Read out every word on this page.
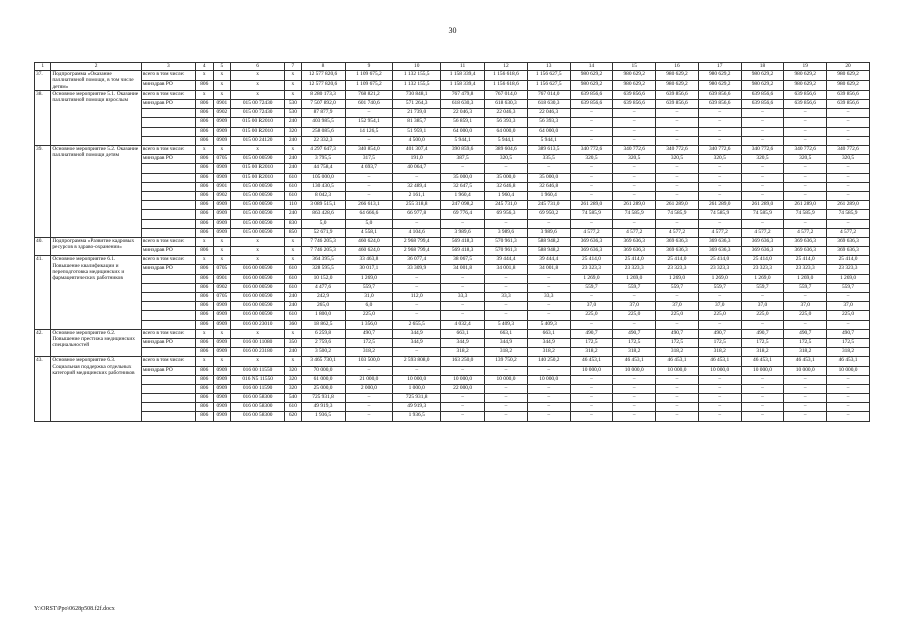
30
1	2	3	4	5	6	7	8	9	10	11	12	13	14	15	16	17	18	19	20
37.	Подпрограмма «Оказание паллиативной помощи, в том числе детям»	всего в том числе:	x	x	x	x	12 577 820,6	1 109 675,2	1 132 155,5	1 158 339,4	1 156 618,6	1 156 627,5	980 629,2	980 629,2	980 629,2	980 629,2	980 629,2	980 629,2	980 629,2
		минздрав РО	806	x	x	x	12 577 820,6	1 109 675,2	1 132 155,5	1 158 339,4	1 156 618,6	1 156 627,5	980 629,2	980 629,2	980 629,2	980 629,2	980 629,2	980 629,2	980 629,2
38.	Основное мероприятие 5.1. Оказание паллиативной помощи взрослым	всего в том числе:	x	x	x	x	8 280 173,3	768 821,2	730 848,1	767 479,8	767 014,0	767 014,0	639 856,6	639 856,6	639 856,6	639 856,6	639 856,6	639 856,6	639 856,6
		минздрав РО	806	0901	015 00 72430	530	7 507 892,0	601 740,6	571 264,3	618 630,3	618 630,3	618 630,3	639 856,6	639 856,6	639 856,6	639 856,6	639 856,6	639 856,6	639 856,6
			806	0902	015 00 72430	530	87 877,9	–	21 739,0	22 046,3	22 046,3	22 046,3	–	–	–	–	–	–	–
			806	0909	015 00 R2010	240	403 985,5	152 954,1	81 385,7	56 859,1	56 393,3	56 393,3	–	–	–	–	–	–	–
			806	0909	015 00 R2010	320	258 085,6	14 126,5	51 959,1	64 000,0	64 000,0	64 000,0	–	–	–	–	–	–	–
			806	0909	015 00 24120	240	22 332,3	–	4 500,0	5 944,1	5 944,1	5 944,1	–	–	–	–	–	–	–
39.	Основное мероприятие 5.2. Оказание паллиативной помощи детям	всего в том числе:	x	x	x	x	4 297 647,3	340 854,0	401 307,4	390 859,6	389 604,6	389 613,5	340 772,6	340 772,6	340 772,6	340 772,6	340 772,6	340 772,6	340 772,6
		минздрав РО	806	0705	015 00 00590	240	3 795,5	317,5	191,0	387,5	320,5	335,5	320,5	320,5	320,5	320,5	320,5	320,5	320,5
			806	0909	015 00 R2010	240	44 758,4	4 693,7	40 064,7	–	–	–	–	–	–	–	–	–	–
			806	0909	015 00 R2010	610	105 000,0	–	–	35 000,0	35 000,0	35 000,0	–	–	–	–	–	–	–
			806	0901	015 00 00590	610	130 430,5	–	32 489,4	32 647,5	32 646,8	32 646,8	–	–	–	–	–	–	–
			806	0902	015 00 00590	610	8 042,3	–	2 161,1	1 960,4	1 960,4	1 960,4	–	–	–	–	–	–	–
			806	0909	015 00 00590	110	3 089 515,1	266 613,1	255 318,8	247 098,2	245 731,0	245 731,0	261 289,0	261 289,0	261 289,0	261 289,0	261 289,0	261 289,0	261 289,0
			806	0909	015 00 00590	240	863 428,6	64 666,6	66 977,8	69 776,4	69 956,3	69 950,2	74 585,9	74 585,9	74 585,9	74 585,9	74 585,9	74 585,9	74 585,9
			806	0909	015 00 00590	830	5,0	5,0	–	–	–	–	–	–	–	–	–	–	–
			806	0909	015 00 00590	850	52 671,9	4 558,1	4 104,6	3 989,6	3 989,6	3 989,6	4 577,2	4 577,2	4 577,2	4 577,2	4 577,2	4 577,2	4 577,2
40.	Подпрограмма «Развитие кадровых ресурсов в здраво-охранении»	всего в том числе:	x	x	x	x	7 746 205,3	460 624,0	2 968 799,4	569 418,3	570 961,3	588 948,2	369 636,3	369 636,3	369 636,3	369 636,3	369 636,3	369 636,3	369 636,3
		минздрав РО	806	x	x	x	7 746 205,3	460 624,0	2 968 799,4	569 418,3	570 961,3	588 948,2	369 636,3	369 636,3	369 636,3	369 636,3	369 636,3	369 636,3	369 636,3
41.	Основное мероприятие 6.1. Повышение квалификации и переподготовка медицинских и фармацевтических работников	всего в том числе:	x	x	x	x	364 395,5	33 463,8	36 077,4	38 067,5	39 444,4	39 444,4	25 414,0	25 414,0	25 414,0	25 414,0	25 414,0	25 414,0	25 414,0
		минздрав РО	806	0705	016 00 00590	610	328 595,5	30 017,1	33 309,9	34 001,8	34 001,8	34 001,8	23 323,3	23 323,3	23 323,3	23 323,3	23 323,3	23 323,3	23 323,3
			806	0901	016 00 00590	610	10 152,0	1 269,0	–	–	–	–	1 269,0	1 269,0	1 269,0	1 269,0	1 269,0	1 269,0	1 269,0
			806	0902	016 00 00590	610	4 477,6	559,7	–	–	–	–	559,7	559,7	559,7	559,7	559,7	559,7	559,7
			806	0705	016 00 00590	240	242,9	31,0	112,0	33,3	33,3	33,3	–	–	–	–	–	–	–
			806	0909	016 00 00590	240	265,0	6,0	–	–	–	–	37,0	37,0	37,0	37,0	37,0	37,0	37,0
			806	0909	016 00 00590	610	1 800,0	225,0	–	–	–	–	225,0	225,0	225,0	225,0	225,0	225,0	225,0
			806	0909	016 00 23010	360	18 862,5	1 356,0	2 655,5	4 032,4	5 409,3	5 409,3	–	–	–	–	–	–	–
42.	Основное мероприятие 6.2. Повышение престижа медицинских специальностей	всего в том числе:	x	x	x	x	6 259,8	490,7	344,9	663,1	663,1	663,1	490,7	490,7	490,7	490,7	490,7	490,7	490,7
		минздрав РО	806	0909	016 00 11080	350	2 759,6	172,5	344,9	344,9	344,9	344,9	172,5	172,5	172,5	172,5	172,5	172,5	172,5
			806	0909	016 00 23180	240	3 500,2	318,2	–	318,2	318,2	318,2	318,2	318,2	318,2	318,2	318,2	318,2	318,2
43.	Основное мероприятие 6.3. Социальная поддержка отдельных категорий медицинских работников	всего в том числе:	x	x	x	x	3 465 730,1	103 500,0	2 593 808,0	163 250,0	139 750,2	140 250,2	46 453,1	46 453,1	46 453,1	46 453,1	46 453,1	46 453,1	46 453,1
		минздрав РО	806	0909	016 00 11550	320	70 000,0	–	–	–	–	–	10 000,0	10 000,0	10 000,0	10 000,0	10 000,0	10 000,0	10 000,0
			806	0909	016 N5 11550	320	61 000,0	21 000,0	10 000,0	10 000,0	10 000,0	10 000,0	–	–	–	–	–	–	–
			806	0909	016 00 11590	320	25 000,0	2 000,0	1 000,0	22 000,0	–	–	–	–	–	–	–	–	–
			806	0909	016 00 58300	540	725 931,8	–	725 931,8	–	–	–	–	–	–	–	–	–	–
			806	0909	016 00 58300	610	49 919,3	–	49 919,3	–	–	–	–	–	–	–	–	–	–
			806	0909	016 00 58300	620	1 936,5	–	1 936,5	–	–	–	–	–	–	–	–	–	–
Y:\ORST\Ppo\0628p508.f2f.docx
